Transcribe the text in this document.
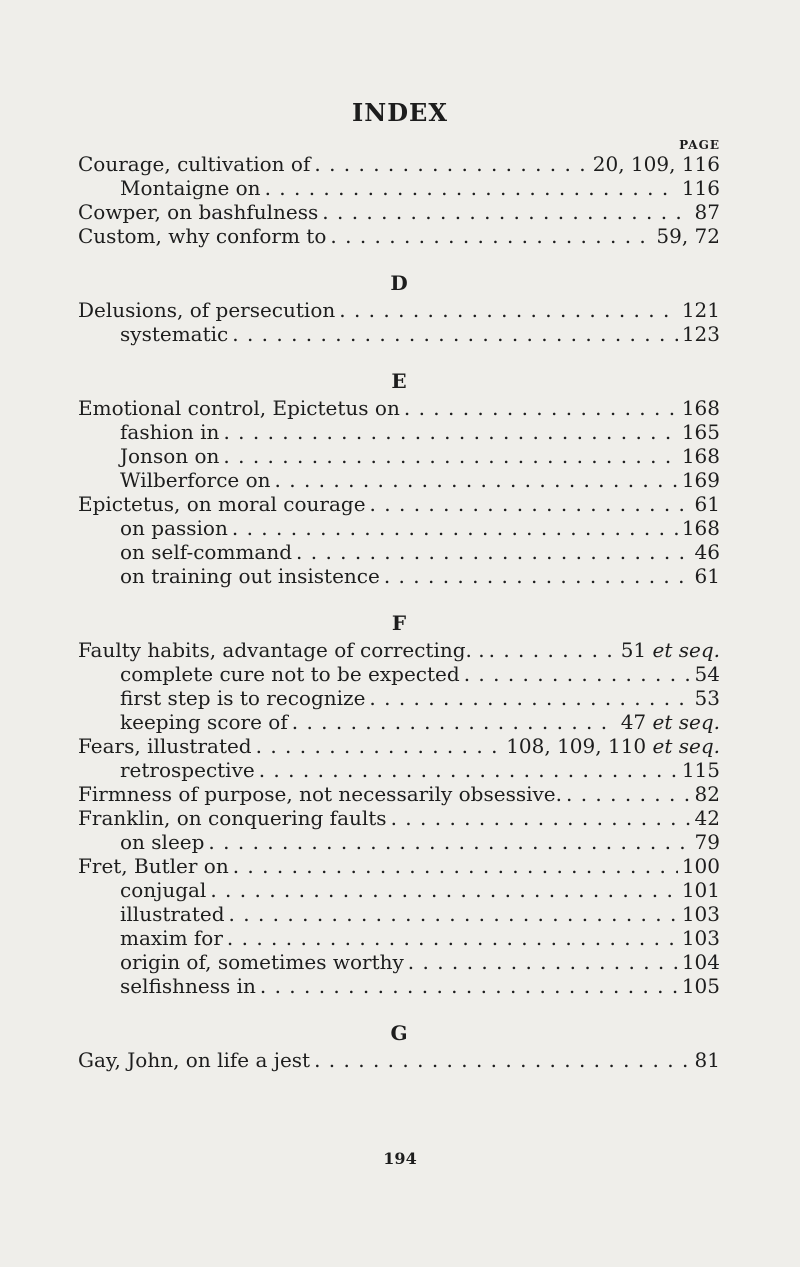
INDEX
PAGE
Courage, cultivation of . . .	20, 109, 116
Montaigne on . . .	116
Cowper, on bashfulness . . .	87
Custom, why conform to . . .	59, 72
D
Delusions, of persecution . . .	121
systematic . . .	123
E
Emotional control, Epictetus on . . .	168
fashion in . . .	165
Jonson on . . .	168
Wilberforce on . . .	169
Epictetus, on moral courage . . .	61
on passion . . .	168
on self-command . . .	46
on training out insistence . . .	61
F
Faulty habits, advantage of correcting. . . . .	51 et seq.
complete cure not to be expected . . .	54
first step is to recognize . . .	53
keeping score of . . .	47 et seq.
Fears, illustrated . . .	108, 109, 110 et seq.
retrospective . . .	115
Firmness of purpose, not necessarily obsessive. . . .	82
Franklin, on conquering faults . . .	42
on sleep . . .	79
Fret, Butler on . . .	100
conjugal . . .	101
illustrated . . .	103
maxim for . . .	103
origin of, sometimes worthy . . .	104
selfishness in . . .	105
G
Gay, John, on life a jest . . .	81
194
